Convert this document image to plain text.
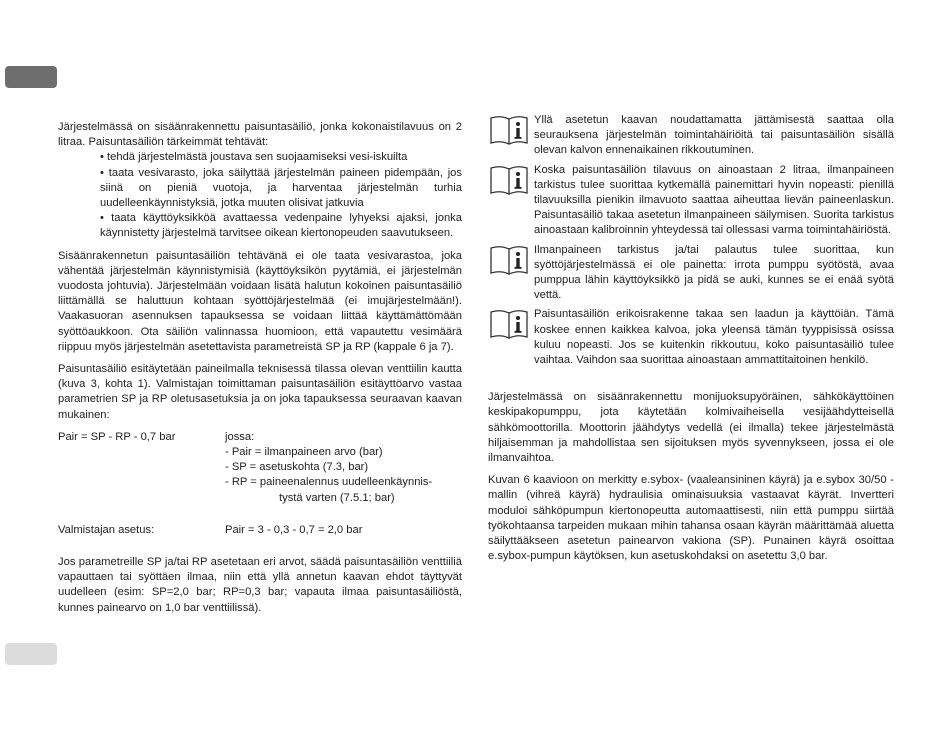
Järjestelmässä on sisäänrakennettu paisuntasäiliö, jonka kokonaistilavuus on 2 litraa. Paisuntasäiliön tärkeimmät tehtävät:

• tehdä järjestelmästä joustava sen suojaamiseksi vesi-iskuilta

• taata vesivarasto, joka säilyttää järjestelmän paineen pidempään, jos siinä on pieniä vuotoja, ja harventaa järjestelmän turhia uudelleenkäynnistyksiä, jotka muuten olisivat jatkuvia

• taata käyttöyksikköä avattaessa vedenpaine lyhyeksi ajaksi, jonka käynnistetty järjestelmä tarvitsee oikean kiertonopeuden saavutukseen.

Sisäänrakennetun paisuntasäiliön tehtävänä ei ole taata vesivarastoa, joka vähentää järjestelmän käynnistymisiä (käyttöyksikön pyytämiä, ei järjestelmän vuodosta johtuvia). Järjestelmään voidaan lisätä halutun kokoinen paisuntasäiliö liittämällä se haluttuun kohtaan syöttöjärjestelmää (ei imujärjestelmään!). Vaakasuoran asennuksen tapauksessa se voidaan liittää käyttämättömään syöttöaukkoon. Ota säiliön valinnassa huomioon, että vapautettu vesimäärä riippuu myös järjestelmän asetettavista parametreistä SP ja RP (kappale 6 ja 7).

Paisuntasäiliö esitäytetään paineilmalla teknisessä tilassa olevan venttiilin kautta (kuva 3, kohta 1). Valmistajan toimittaman paisuntasäiliön esitäyttöarvo vastaa parametrien SP ja RP oletusasetuksia ja on joka tapauksessa seuraavan kaavan mukainen:

Pair = SP - RP - 0,7 bar	jossa:
- Pair = ilmanpaineen arvo (bar)
- SP = asetuskohta (7.3, bar)
- RP = paineenalennus uudelleenkäynnis-
tystä varten (7.5.1; bar)
Valmistajan asetus:	Pair = 3 - 0,3 - 0,7 = 2,0 bar

Jos parametreille SP ja/tai RP asetetaan eri arvot, säädä paisuntasäiliön venttiiliä vapauttaen tai syöttäen ilmaa, niin että yllä annetun kaavan ehdot täyttyvät uudelleen (esim: SP=2,0 bar; RP=0,3 bar; vapauta ilmaa paisuntasäiliöstä, kunnes painearvo on 1,0 bar venttiilissä).

Yllä asetetun kaavan noudattamatta jättämisestä saattaa olla seurauksena järjestelmän toimintahäiriöitä tai paisuntasäiliön sisällä olevan kalvon ennenaikainen rikkoutuminen.
Koska paisuntasäiliön tilavuus on ainoastaan 2 litraa, ilmanpaineen tarkistus tulee suorittaa kytkemällä painemittari hyvin nopeasti: pienillä tilavuuksilla pienikin ilmavuoto saattaa aiheuttaa lievän paineenlaskun. Paisuntasäiliö takaa asetetun ilmanpaineen säilymisen. Suorita tarkistus ainoastaan kalibroinnin yhteydessä tai ollessasi varma toimintahäiriöstä.
Ilmanpaineen tarkistus ja/tai palautus tulee suorittaa, kun syöttöjärjestelmässä ei ole painetta: irrota pumppu syötöstä, avaa pumppua lähin käyttöyksikkö ja pidä se auki, kunnes se ei enää syötä vettä.
Paisuntasäiliön erikoisrakenne takaa sen laadun ja käyttöiän. Tämä koskee ennen kaikkea kalvoa, joka yleensä tämän tyyppisissä osissa kuluu nopeasti. Jos se kuitenkin rikkoutuu, koko paisuntasäiliö tulee vaihtaa. Vaihdon saa suorittaa ainoastaan ammattitaitoinen henkilö.

Järjestelmässä on sisäänrakennettu monijuoksupyöräinen, sähkökäyttöinen keskipakopumppu, jota käytetään kolmivaiheisella vesijäähdytteisellä sähkömoottorilla. Moottorin jäähdytys vedellä (ei ilmalla) tekee järjestelmästä hiljaisemman ja mahdollistaa sen sijoituksen myös syvennykseen, jossa ei ole ilmanvaihtoa.

Kuvan 6 kaavioon on merkitty e.sybox- (vaaleansininen käyrä) ja e.sybox 30/50 -mallin (vihreä käyrä) hydraulisia ominaisuuksia vastaavat käyrät. Invertteri moduloi sähköpumpun kiertonopeutta automaattisesti, niin että pumppu siirtää työkohtaansa tarpeiden mukaan mihin tahansa osaan käyrän määrittämää aluetta säilyttääkseen asetetun painearvon vakiona (SP). Punainen käyrä osoittaa e.sybox-pumpun käytöksen, kun asetuskohdaksi on asetettu 3,0 bar.
